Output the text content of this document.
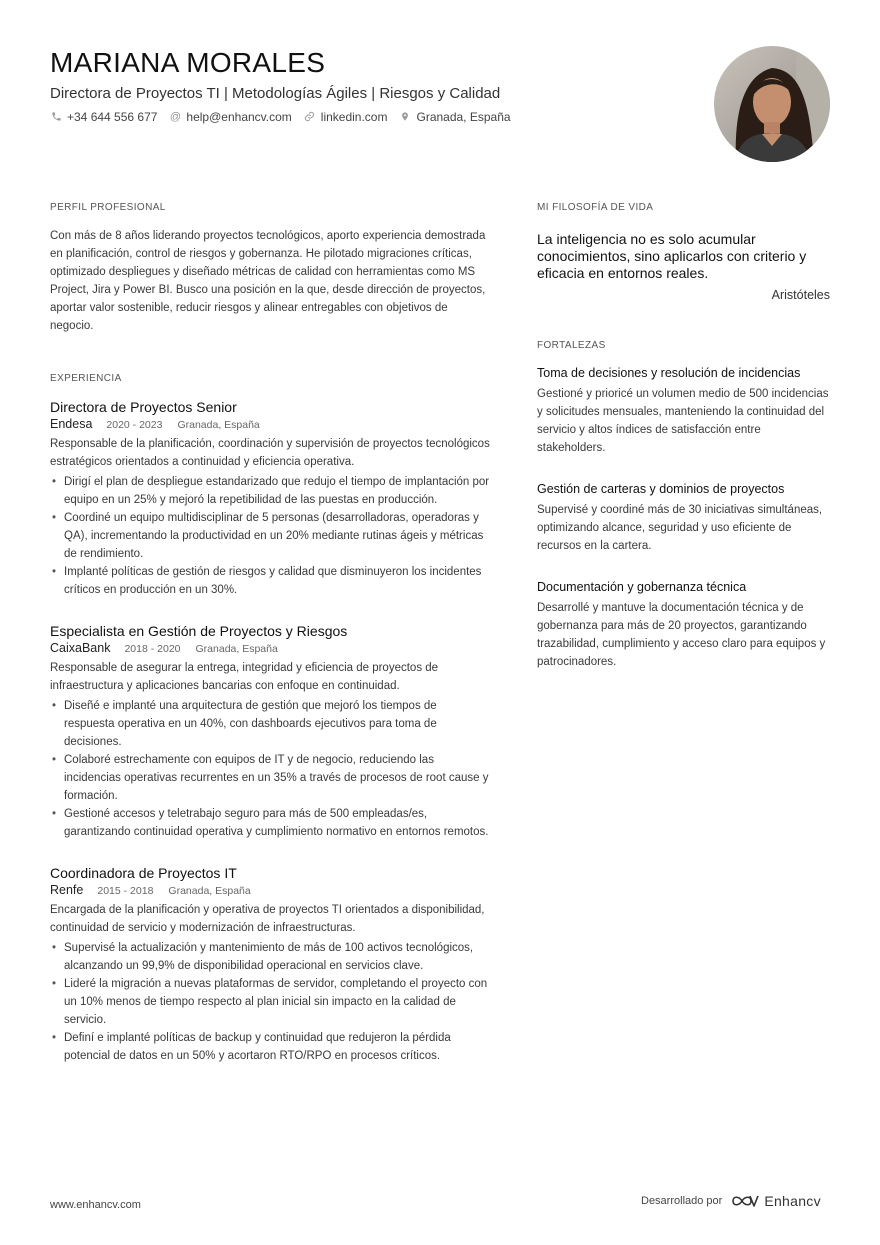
MARIANA MORALES
Directora de Proyectos TI | Metodologías Ágiles | Riesgos y Calidad
+34 644 556 677 @ help@enhancv.com linkedin.com Granada, España
PERFIL PROFESIONAL
Con más de 8 años liderando proyectos tecnológicos, aporto experiencia demostrada en planificación, control de riesgos y gobernanza. He pilotado migraciones críticas, optimizado despliegues y diseñado métricas de calidad con herramientas como MS Project, Jira y Power BI. Busco una posición en la que, desde dirección de proyectos, aportar valor sostenible, reducir riesgos y alinear entregables con objetivos de negocio.
EXPERIENCIA
Directora de Proyectos Senior
Endesa 2020 - 2023 Granada, España
Responsable de la planificación, coordinación y supervisión de proyectos tecnológicos estratégicos orientados a continuidad y eficiencia operativa.
• Dirigí el plan de despliegue estandarizado que redujo el tiempo de implantación por equipo en un 25% y mejoró la repetibilidad de las puestas en producción.
• Coordiné un equipo multidisciplinar de 5 personas (desarrolladoras, operadoras y QA), incrementando la productividad en un 20% mediante rutinas ágeis y métricas de rendimiento.
• Implanté políticas de gestión de riesgos y calidad que disminuyeron los incidentes críticos en producción en un 30%.
Especialista en Gestión de Proyectos y Riesgos
CaixaBank 2018 - 2020 Granada, España
Responsable de asegurar la entrega, integridad y eficiencia de proyectos de infraestructura y aplicaciones bancarias con enfoque en continuidad.
• Diseñé e implanté una arquitectura de gestión que mejoró los tiempos de respuesta operativa en un 40%, con dashboards ejecutivos para toma de decisiones.
• Colaboré estrechamente con equipos de IT y de negocio, reduciendo las incidencias operativas recurrentes en un 35% a través de procesos de root cause y formación.
• Gestioné accesos y teletrabajo seguro para más de 500 empleadas/es, garantizando continuidad operativa y cumplimiento normativo en entornos remotos.
Coordinadora de Proyectos IT
Renfe 2015 - 2018 Granada, España
Encargada de la planificación y operativa de proyectos TI orientados a disponibilidad, continuidad de servicio y modernización de infraestructuras.
• Supervisé la actualización y mantenimiento de más de 100 activos tecnológicos, alcanzando un 99,9% de disponibilidad operacional en servicios clave.
• Lideré la migración a nuevas plataformas de servidor, completando el proyecto con un 10% menos de tiempo respecto al plan inicial sin impacto en la calidad de servicio.
• Definí e implanté políticas de backup y continuidad que redujeron la pérdida potencial de datos en un 50% y acortaron RTO/RPO en procesos críticos.
MI FILOSOFÍA DE VIDA
La inteligencia no es solo acumular conocimientos, sino aplicarlos con criterio y eficacia en entornos reales.
Aristóteles
FORTALEZAS
Toma de decisiones y resolución de incidencias
Gestioné y prioricé un volumen medio de 500 incidencias y solicitudes mensuales, manteniendo la continuidad del servicio y altos índices de satisfacción entre stakeholders.
Gestión de carteras y dominios de proyectos
Supervisé y coordiné más de 30 iniciativas simultáneas, optimizando alcance, seguridad y uso eficiente de recursos en la cartera.
Documentación y gobernanza técnica
Desarrollé y mantuve la documentación técnica y de gobernanza para más de 20 proyectos, garantizando trazabilidad, cumplimiento y acceso claro para equipos y patrocinadores.
www.enhancv.com	Desarrollado por	Enhancv
